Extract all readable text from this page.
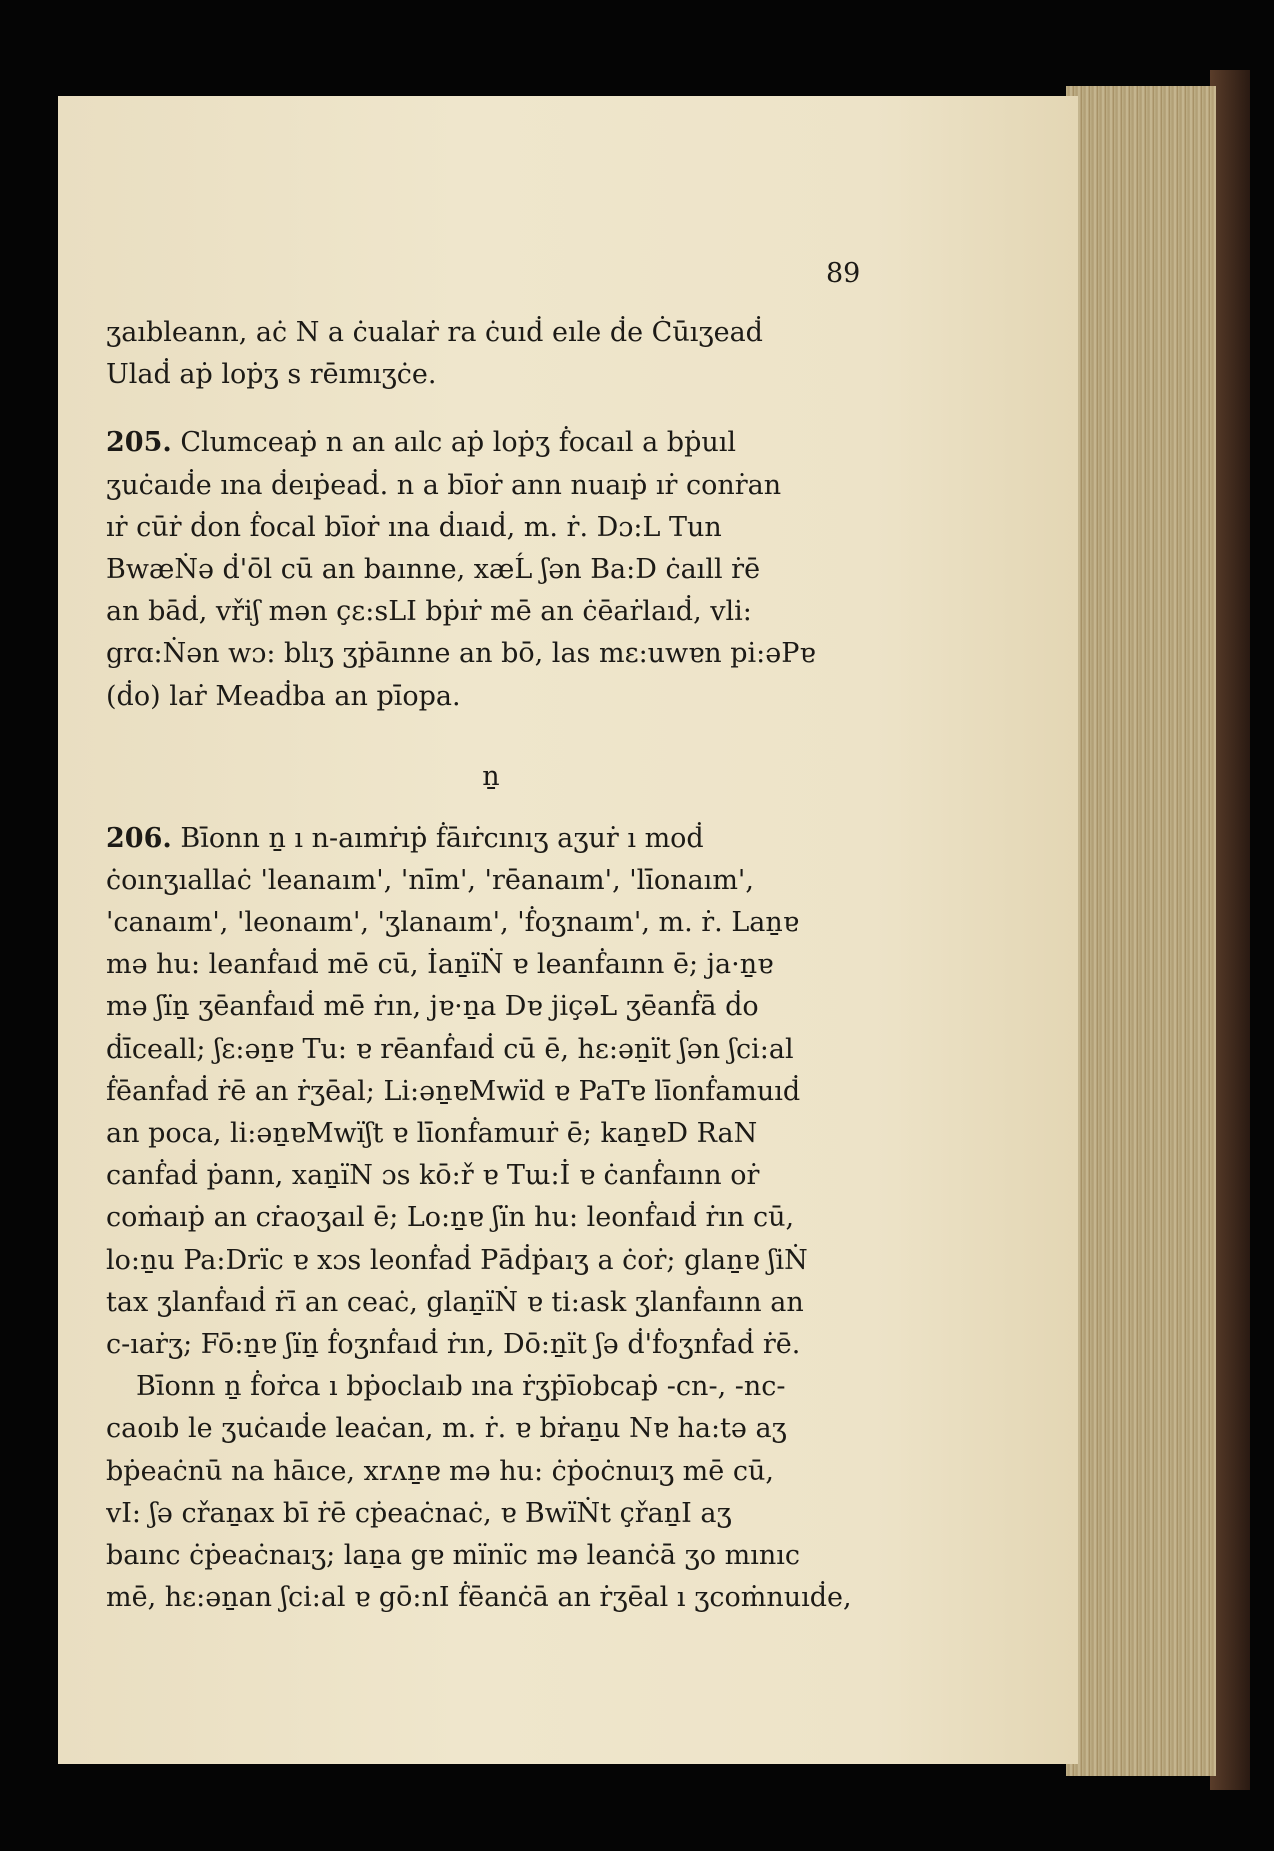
89
ʒaıbleann, aċ N a ċualaṙ ra ċuıḋ eıle ḋe Ċūıʒeaḋ
Ulaḋ aṗ loṗʒ s rēımıʒċe.
205. Clumceaṗ n an aılc aṗ loṗʒ ḟocaıl a bṗuıl
ʒuċaıḋe ına ḋeıṗeaḋ. n a bīoṙ ann nuaıṗ ıṙ conṙan
ıṙ cūṙ ḋon ḟocal bīoṙ ına ḋıaıḋ, m. ṙ. Dɔ:L Tun
BwæṄə ḋ'ōl cū an baınne, xæĹ ʃən Ba:D ċaıll ṙē
an bāḋ, vřiʃ mən çɛ:sLI bṗıṙ mē an ċēaṙlaıḋ, vli:
grɑ:Ṅən wɔ: blıʒ ʒṗāınne an bō, las mɛ:uwɐn pi:əPɐ
(ḋo) laṙ Meaḋba an pīopa.
ṉ
206. Bīonn ṉ ı n-aımṙıṗ ḟāıṙcınıʒ aʒuṙ ı moḋ
ċoınʒıallaċ 'leanaım', 'nīm', 'rēanaım', 'līonaım',
'canaım', 'leonaım', 'ʒlanaım', 'ḟoʒnaım', m. ṙ. Laṉɐ
mə hu: leanḟaıḋ mē cū, İaṉïṄ ɐ leanḟaınn ē; ja·ṉɐ
mə ʃïṉ ʒēanḟaıḋ mē ṙın, jɐ·ṉa Dɐ jiçəL ʒēanḟā ḋo
ḋīceall; ʃɛ:əṉɐ Tu: ɐ rēanḟaıḋ cū ē, hɛ:əṉït ʃən ʃci:al
ḟēanḟaḋ ṙē an ṙʒēal; Li:əṉɐMwïd ɐ PaTɐ līonḟamuıḋ
an poca, li:əṉɐMwïʃt ɐ līonḟamuıṙ ē; kaṉɐD RaN
canḟaḋ ṗann, xaṉïN ɔs kō:ř ɐ Tɯ:İ ɐ ċanḟaınn oṙ
coṁaıṗ an cṙaoʒaıl ē; Lo:ṉɐ ʃïn hu: leonḟaıḋ ṙın cū,
lo:ṉu Pa:Drïc ɐ xɔs leonḟaḋ Pāḋṗaıʒ a ċoṙ; glaṉɐ ʃiṄ
tax ʒlanḟaıḋ ṙī an ceaċ, glaṉïṄ ɐ ti:ask ʒlanḟaınn an
c-ıaṙʒ; Fō:ṉɐ ʃïṉ ḟoʒnḟaıḋ ṙın, Dō:ṉït ʃə ḋ'ḟoʒnḟaḋ ṙē.
Bīonn ṉ ḟoṙca ı bṗoclaıb ına ṙʒṗīobcaṗ -cn-, -nc-
caoıb le ʒuċaıḋe leaċan, m. ṙ. ɐ bṙaṉu Nɐ ha:tə aʒ
bṗeaċnū na hāıce, xrʌṉɐ mə hu: ċṗoċnuıʒ mē cū,
vI: ʃə cřaṉax bī ṙē cṗeaċnaċ, ɐ BwïṄt çřaṉI aʒ
baınc ċṗeaċnaıʒ; laṉa gɐ mïnïc mə leanċā ʒo mınıc
mē, hɛ:əṉan ʃci:al ɐ gō:nI ḟēanċā an ṙʒēal ı ʒcoṁnuıḋe,
